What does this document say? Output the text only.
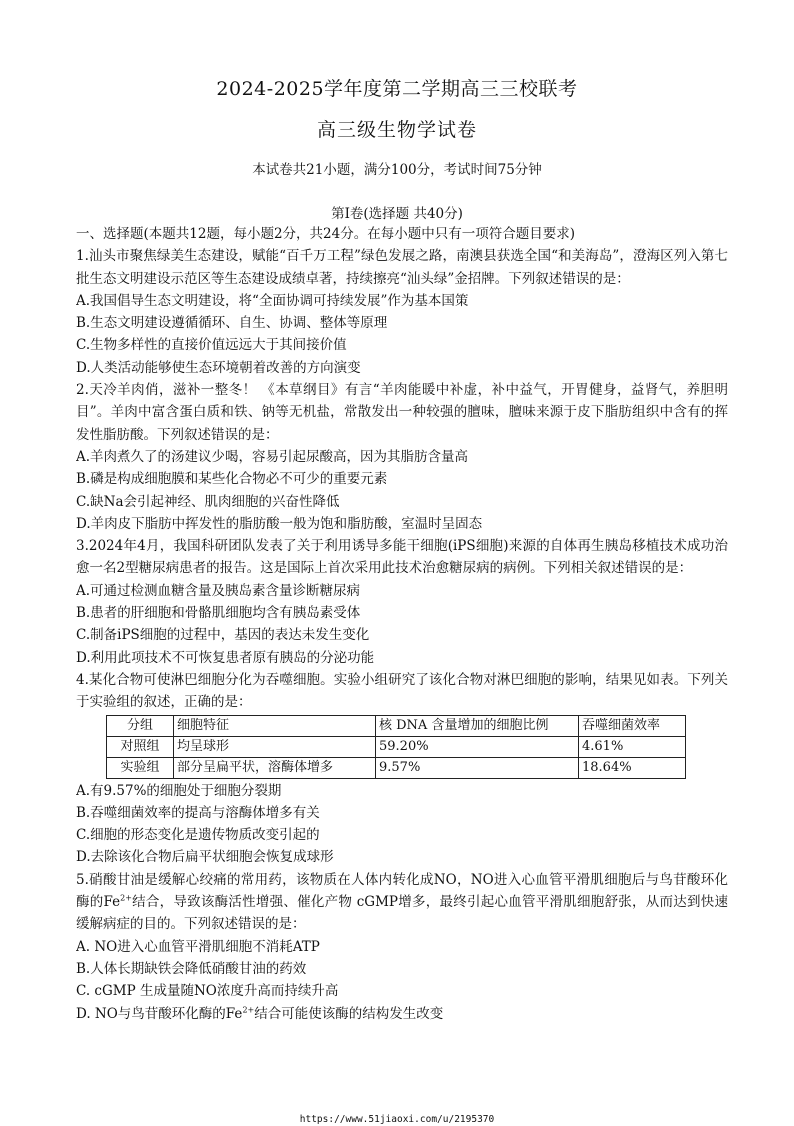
2024-2025学年度第二学期高三三校联考
高三级生物学试卷
本试卷共21小题，满分100分，考试时间75分钟
第I卷(选择题 共40分)
一、选择题(本题共12题，每小题2分，共24分。在每小题中只有一项符合题目要求)
1.汕头市聚焦绿美生态建设，赋能“百千万工程”绿色发展之路，南澳县获选全国“和美海岛”，澄海区列入第七批生态文明建设示范区等生态建设成绩卓著，持续擦亮“汕头绿”金招牌。下列叙述错误的是：
A.我国倡导生态文明建设，将“全面协调可持续发展”作为基本国策
B.生态文明建设遵循循环、自生、协调、整体等原理
C.生物多样性的直接价值远远大于其间接价值
D.人类活动能够使生态环境朝着改善的方向演变
2.天冷羊肉俏，滋补一整冬！ 《本草纲目》有言“羊肉能暖中补虚，补中益气，开胃健身，益肾气，养胆明目”。羊肉中富含蛋白质和铁、钠等无机盐，常散发出一种较强的膻味，膻味来源于皮下脂肪组织中含有的挥发性脂肪酸。下列叙述错误的是：
A.羊肉煮久了的汤建议少喝，容易引起尿酸高，因为其脂肪含量高
B.磷是构成细胞膜和某些化合物必不可少的重要元素
C.缺Na会引起神经、肌肉细胞的兴奋性降低
D.羊肉皮下脂肪中挥发性的脂肪酸一般为饱和脂肪酸，室温时呈固态
3.2024年4月，我国科研团队发表了关于利用诱导多能干细胞(iPS细胞)来源的自体再生胰岛移植技术成功治愈一名2型糖尿病患者的报告。这是国际上首次采用此技术治愈糖尿病的病例。下列相关叙述错误的是：
A.可通过检测血糖含量及胰岛素含量诊断糖尿病
B.患者的肝细胞和骨骼肌细胞均含有胰岛素受体
C.制备iPS细胞的过程中，基因的表达未发生变化
D.利用此项技术不可恢复患者原有胰岛的分泌功能
4.某化合物可使淋巴细胞分化为吞噬细胞。实验小组研究了该化合物对淋巴细胞的影响，结果见如表。下列关于实验组的叙述，正确的是：
分组	细胞特征	核 DNA 含量增加的细胞比例	吞噬细菌效率
对照组	均呈球形	59.20%	4.61%
实验组	部分呈扁平状，溶酶体增多	9.57%	18.64%
A.有9.57%的细胞处于细胞分裂期
B.吞噬细菌效率的提高与溶酶体增多有关
C.细胞的形态变化是遗传物质改变引起的
D.去除该化合物后扁平状细胞会恢复成球形
5.硝酸甘油是缓解心绞痛的常用药，该物质在人体内转化成NO，NO进入心血管平滑肌细胞后与鸟苷酸环化酶的$Fe^{2+}$结合，导致该酶活性增强、催化产物 cGMP增多，最终引起心血管平滑肌细胞舒张，从而达到快速缓解病症的目的。下列叙述错误的是：
A. NO进入心血管平滑肌细胞不消耗ATP
B.人体长期缺铁会降低硝酸甘油的药效
C. cGMP 生成量随NO浓度升高而持续升高
D. NO与鸟苷酸环化酶的$Fe^{2+}$结合可能使该酶的结构发生改变
https://www.51jiaoxi.com/u/2195370
